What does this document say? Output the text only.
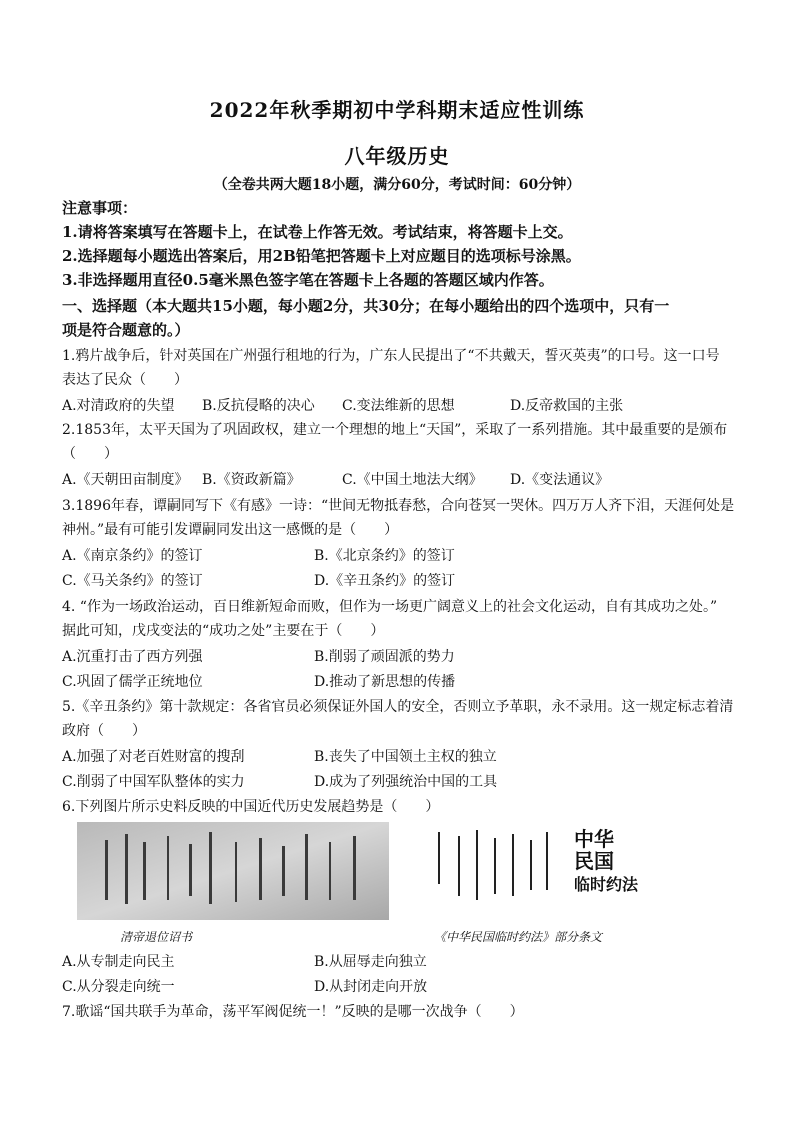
2022年秋季期初中学科期末适应性训练
八年级历史
（全卷共两大题18小题，满分60分，考试时间：60分钟）
注意事项：
1.请将答案填写在答题卡上，在试卷上作答无效。考试结束，将答题卡上交。
2.选择题每小题选出答案后，用2B铅笔把答题卡上对应题目的选项标号涂黑。
3.非选择题用直径0.5毫米黑色签字笔在答题卡上各题的答题区域内作答。
一、选择题（本大题共15小题，每小题2分，共30分；在每小题给出的四个选项中，只有一
项是符合题意的。）
1.鸦片战争后，针对英国在广州强行租地的行为，广东人民提出了“不共戴天，誓灭英夷”的口号。这一口号
表达了民众（　　）
A.对清政府的失望 B.反抗侵略的决心 C.变法维新的思想	D.反帝救国的主张
2.1853年，太平天国为了巩固政权，建立一个理想的地上“天国”，采取了一系列措施。其中最重要的是颁布
（　　）
A.《天朝田亩制度》 B.《资政新篇》	C.《中国土地法大纲》 D.《变法通议》
3.1896年春，谭嗣同写下《有感》一诗：“世间无物抵春愁，合向苍冥一哭休。四万万人齐下泪，天涯何处是
神州。”最有可能引发谭嗣同发出这一感慨的是（　　）
A.《南京条约》的签订	B.《北京条约》的签订
C.《马关条约》的签订	D.《辛丑条约》的签订
4. “作为一场政治运动，百日维新短命而败，但作为一场更广阔意义上的社会文化运动，自有其成功之处。”
据此可知，戊戌变法的“成功之处”主要在于（　　）
A.沉重打击了西方列强	B.削弱了顽固派的势力
C.巩固了儒学正统地位	D.推动了新思想的传播
5.《辛丑条约》第十款规定：各省官员必须保证外国人的安全，否则立予革职，永不录用。这一规定标志着清
政府（　　）
A.加强了对老百姓财富的搜刮	B.丧失了中国领土主权的独立
C.削弱了中国军队整体的实力	D.成为了列强统治中国的工具
6.下列图片所示史料反映的中国近代历史发展趋势是（　　）
清帝退位诏书
中华
民国
临时约法
《中华民国临时约法》部分条文
A.从专制走向民主	B.从屈辱走向独立
C.从分裂走向统一	D.从封闭走向开放
7.歌谣“国共联手为革命，荡平军阀促统一！”反映的是哪一次战争（　　）
